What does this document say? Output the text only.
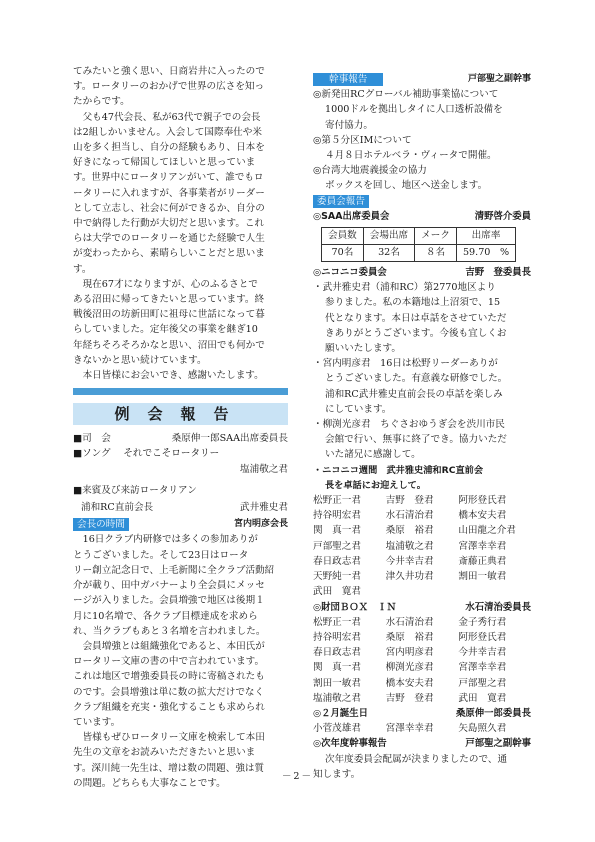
てみたいと強く思い、日商岩井に入ったので
す。ロータリーのおかげで世界の広さを知っ
たからです。
父も47代会長、私が63代で親子での会長
は2組しかいません。入会して国際奉仕や米
山を多く担当し、自分の経験もあり、日本を
好きになって帰国してほしいと思っていま
す。世界中にロータリアンがいて、誰でもロ
ータリーに入れますが、各事業者がリーダー
として立志し、社会に何ができるか、自分の
中で納得した行動が大切だと思います。これ
らは大学でのロータリーを通じた経験で人生
が変わったから、素晴らしいことだと思いま
す。
現在67才になりますが、心のふるさとで
ある沼田に帰ってきたいと思っています。終
戦後沼田の坊新田町に祖母に世話になって暮
らしていました。定年後父の事業を継ぎ10
年経ちそろそろかなと思い、沼田でも何かで
きないかと思い続けています。

本日皆様にお会いでき、感謝いたします。

例会報告
■司　会	桑原伸一郎SAA出席委員長
■ソング　 それでこそロータリー
塩浦敬之君
■来賓及び来訪ロータリアン
浦和RC直前会長	武井雅史君
会長の時間	宮内明彦会長
16日クラブ内研修では多くの参加ありが
とうございました。そして23日はロータ
リー創立記念日で、上毛新聞に全クラブ活動紹
介が載り、田中ガバナーより全会員にメッセ
ージが入りました。会員増強で地区は後期１
月に10名増で、各クラブ目標達成を求めら
れ、当クラブもあと３名増を言われました。
会員増強とは組織強化であると、本田氏が
ロータリー文庫の書の中で言われています。
これは地区で增強委員長の時に寄稿されたも
のです。会員增強は単に数の拡大だけでなく
クラブ組織を充実・強化することも求められ
ています。
皆様もぜひロータリー文庫を検索して本田
先生の文章をお読みいただきたいと思いま
す。深川純一先生は、增は数の問題、強は質
の問題。どちらも大事なことです。
幹事報告	戸部聖之副幹事
◎新発田RCグローバル補助事業協について
1000ドルを拠出しタイに人口透析設備を
寄付協力。
◎第５分区IMについて
４月８日ホテルベラ・ヴィータで開催。
◎台湾大地震義援金の協力
ボックスを回し、地区へ送金します。
委員会報告
◎SAA出席委員会	清野啓介委員
会員数	会場出席	メーク	出席率
70名	32名	８名	59.70　%
◎ニコニコ委員会	吉野　登委員長
・武井雅史君（浦和RC）第2770地区より
参りました。私の本籍地は上沼須で、15
代となります。本日は卓話をさせていただ
きありがとうございます。今後も宜しくお
願いいたします。
・宮内明彦君　16日は松野リーダーありが
とうございました。有意義な研修でした。
浦和RC武井雅史直前会長の卓話を楽しみ
にしています。
・柳渕光彦君　ちぐさおゆうぎ会を渋川市民
会館で行い、無事に終了でき。協力いただ
いた諸兄に感謝して。
・ニコニコ週間　武井雅史浦和RC直前会
長を卓話にお迎えして。
松野正一君	吉野　登君	阿形登氏君
持谷明宏君	水石清治君	橋本安夫君
関　真一君	桑原　裕君	山田龍之介君
戸部聖之君	塩浦敬之君	宮澤幸幸君
春日政志君	今井幸吉君	斎藤正典君
天野純一君	津久井功君	割田一敏君
武田　寛君
◎財団ＢＯＸ　ＩＮ	水石清治委員長
松野正一君	水石清治君	金子秀行君
持谷明宏君	桑原　裕君	阿形登氏君
春日政志君	宮内明彦君	今井幸吉君
関　真一君	柳渕光彦君	宮澤幸幸君
割田一敏君	橋本安夫君	戸部聖之君
塩浦敬之君	吉野　登君	武田　寛君
◎２月誕生日	桑原伸一郎委員長
小菅茂雄君	宮澤幸幸君	矢島照久君
◎次年度幹事報告	戸部聖之副幹事
次年度委員会配属が決まりましたので、通
知します。
－2－
